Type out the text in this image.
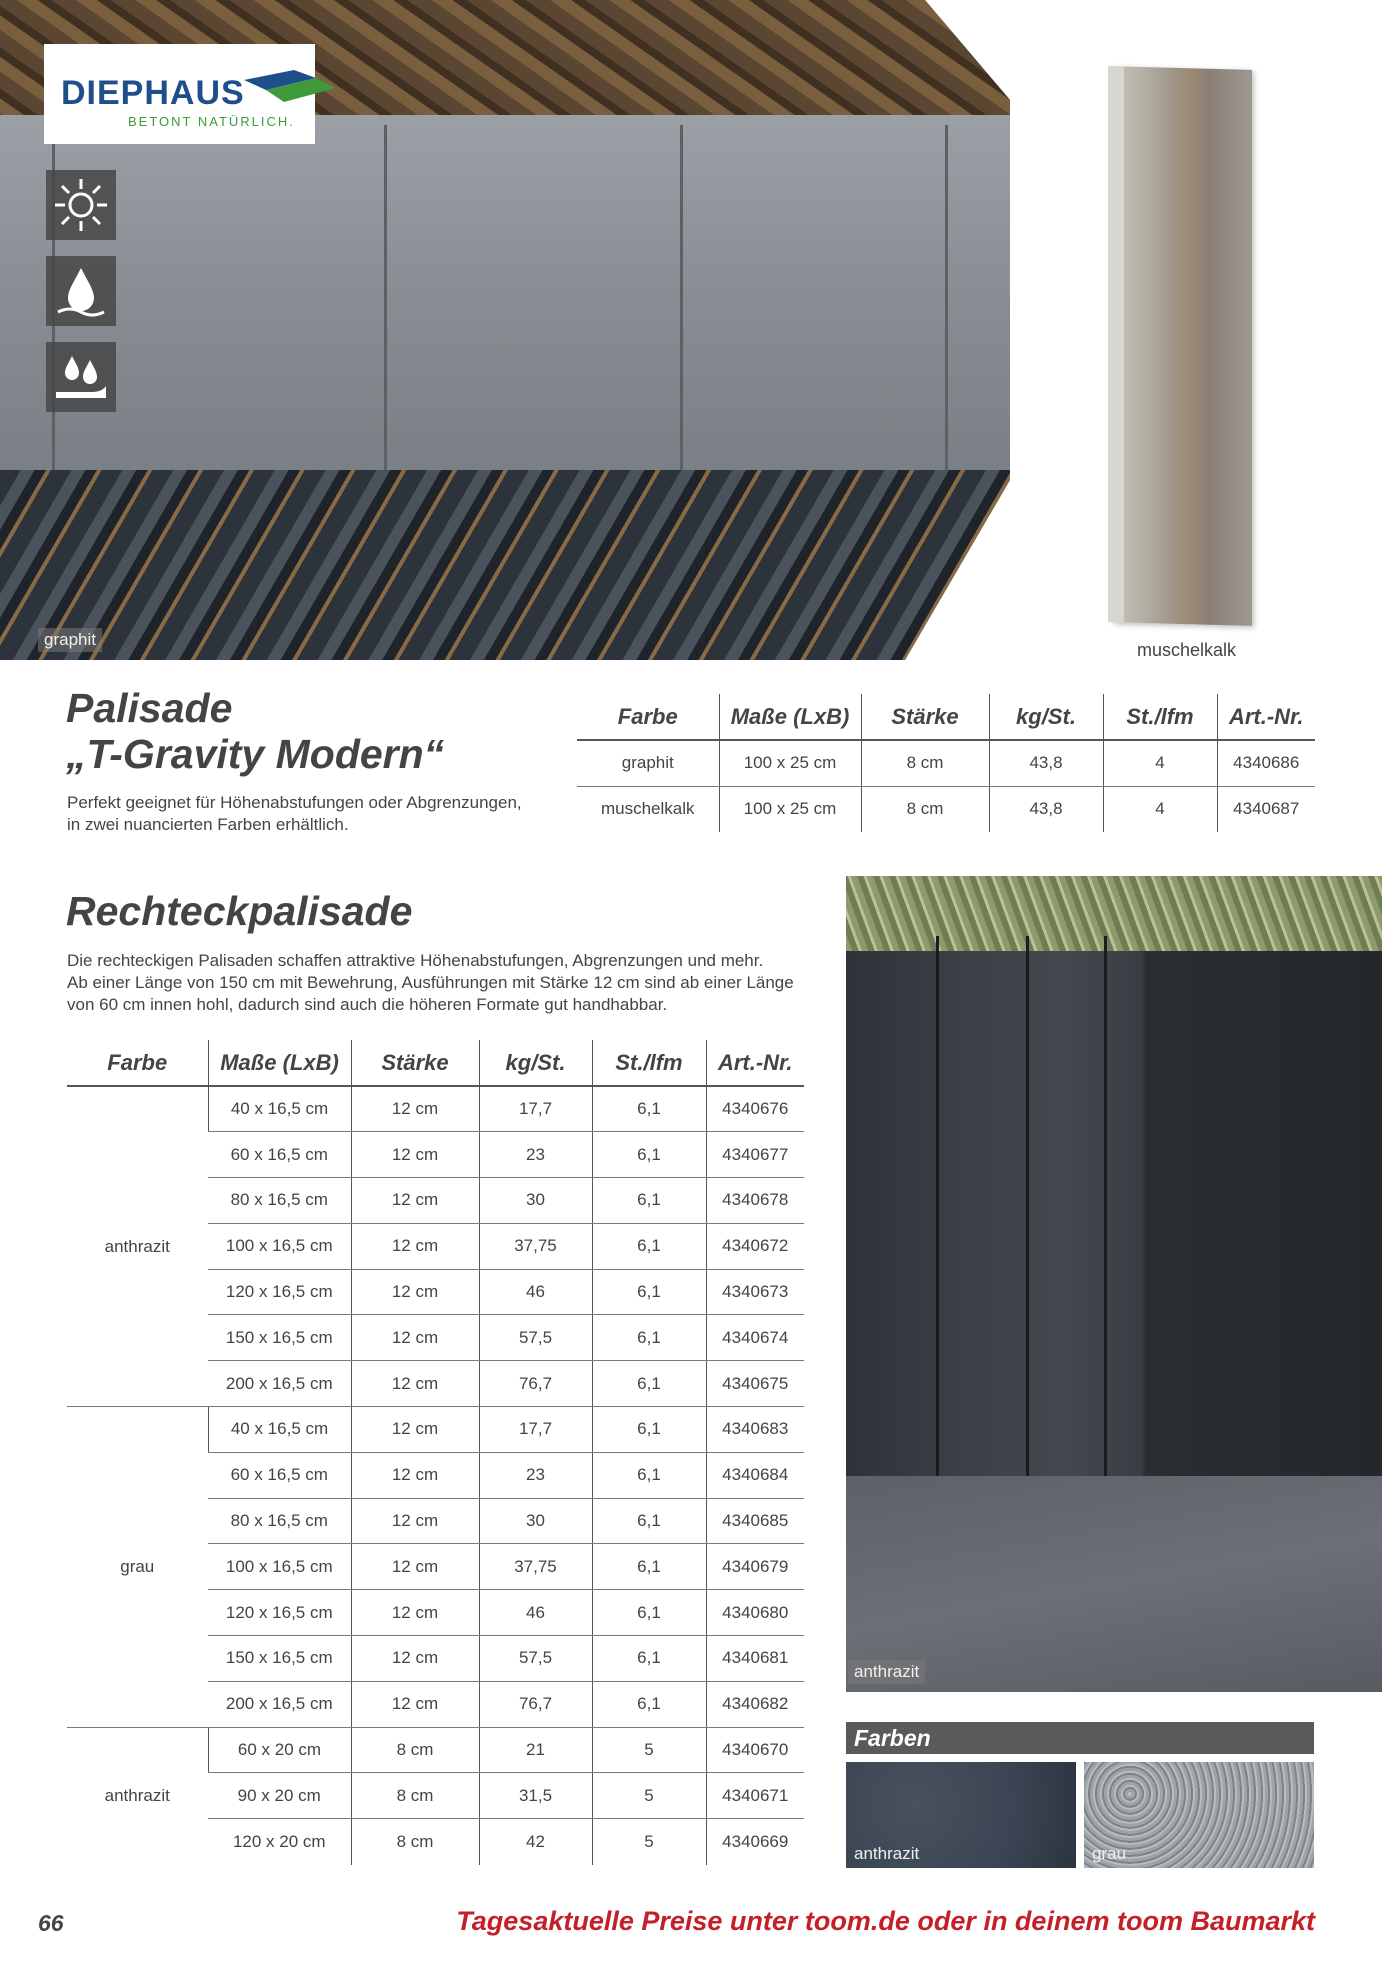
graphit
DIEPHAUS
BETONT NATÜRLICH.
muschelkalk
Palisade
„T-Gravity Modern“
Perfekt geeignet für Höhenabstufungen oder Abgrenzungen,
in zwei nuancierten Farben erhältlich.
Farbe	Maße (LxB)	Stärke	kg/St.	St./lfm	Art.-Nr.
graphit	100 x 25 cm	8 cm	43,8	4	4340686
muschelkalk	100 x 25 cm	8 cm	43,8	4	4340687
Rechteckpalisade
Die rechteckigen Palisaden schaffen attraktive Höhenabstufungen, Abgrenzungen und mehr.
Ab einer Länge von 150 cm mit Bewehrung, Ausführungen mit Stärke 12 cm sind ab einer Länge
von 60 cm innen hohl, dadurch sind auch die höheren Formate gut handhabbar.
Farbe	Maße (LxB)	Stärke	kg/St.	St./lfm	Art.-Nr.
anthrazit	40 x 16,5 cm	12 cm	17,7	6,1	4340676
	60 x 16,5 cm	12 cm	23	6,1	4340677
	80 x 16,5 cm	12 cm	30	6,1	4340678
	100 x 16,5 cm	12 cm	37,75	6,1	4340672
	120 x 16,5 cm	12 cm	46	6,1	4340673
	150 x 16,5 cm	12 cm	57,5	6,1	4340674
	200 x 16,5 cm	12 cm	76,7	6,1	4340675
grau	40 x 16,5 cm	12 cm	17,7	6,1	4340683
	60 x 16,5 cm	12 cm	23	6,1	4340684
	80 x 16,5 cm	12 cm	30	6,1	4340685
	100 x 16,5 cm	12 cm	37,75	6,1	4340679
	120 x 16,5 cm	12 cm	46	6,1	4340680
	150 x 16,5 cm	12 cm	57,5	6,1	4340681
	200 x 16,5 cm	12 cm	76,7	6,1	4340682
anthrazit	60 x 20 cm	8 cm	21	5	4340670
	90 x 20 cm	8 cm	31,5	5	4340671
	120 x 20 cm	8 cm	42	5	4340669
anthrazit
Farben
anthrazit	grau
66	Tagesaktuelle Preise unter toom.de oder in deinem toom Baumarkt
